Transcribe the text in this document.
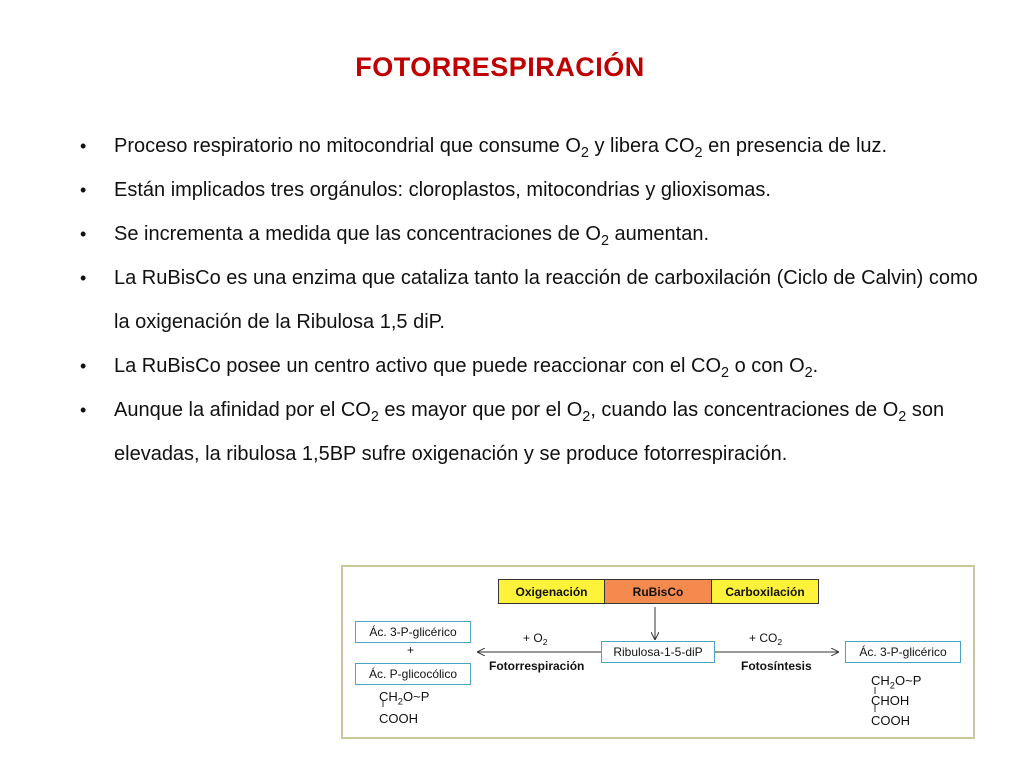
FOTORRESPIRACIÓN
• Proceso respiratorio no mitocondrial que consume $O_2$ y libera $CO_2$ en presencia de luz.
• Están implicados tres orgánulos: cloroplastos, mitocondrias y glioxisomas.
• Se incrementa a medida que las concentraciones de $O_2$ aumentan.
• La RuBisCo es una enzima que cataliza tanto la reacción de carboxilación (Ciclo de Calvin) como la oxigenación de la Ribulosa 1,5 diP.
• La RuBisCo posee un centro activo que puede reaccionar con el $CO_2$ o con $O_2$.
• Aunque la afinidad por el $CO_2$ es mayor que por el $O_2$, cuando las concentraciones de $O_2$ son elevadas, la ribulosa 1,5BP sufre oxigenación y se produce fotorrespiración.
Oxigenación	RuBisCo	Carboxilación
Ác. 3-P-glicérico
+
Ác. P-glicocólico
Ribulosa-1-5-diP	Ác. 3-P-glicérico
+ $O_2$	+ $CO_2$
Fotorrespiración	Fotosíntesis
$CH_2O\sim P$
COOH
$CH_2O\sim P$
CHOH
COOH
